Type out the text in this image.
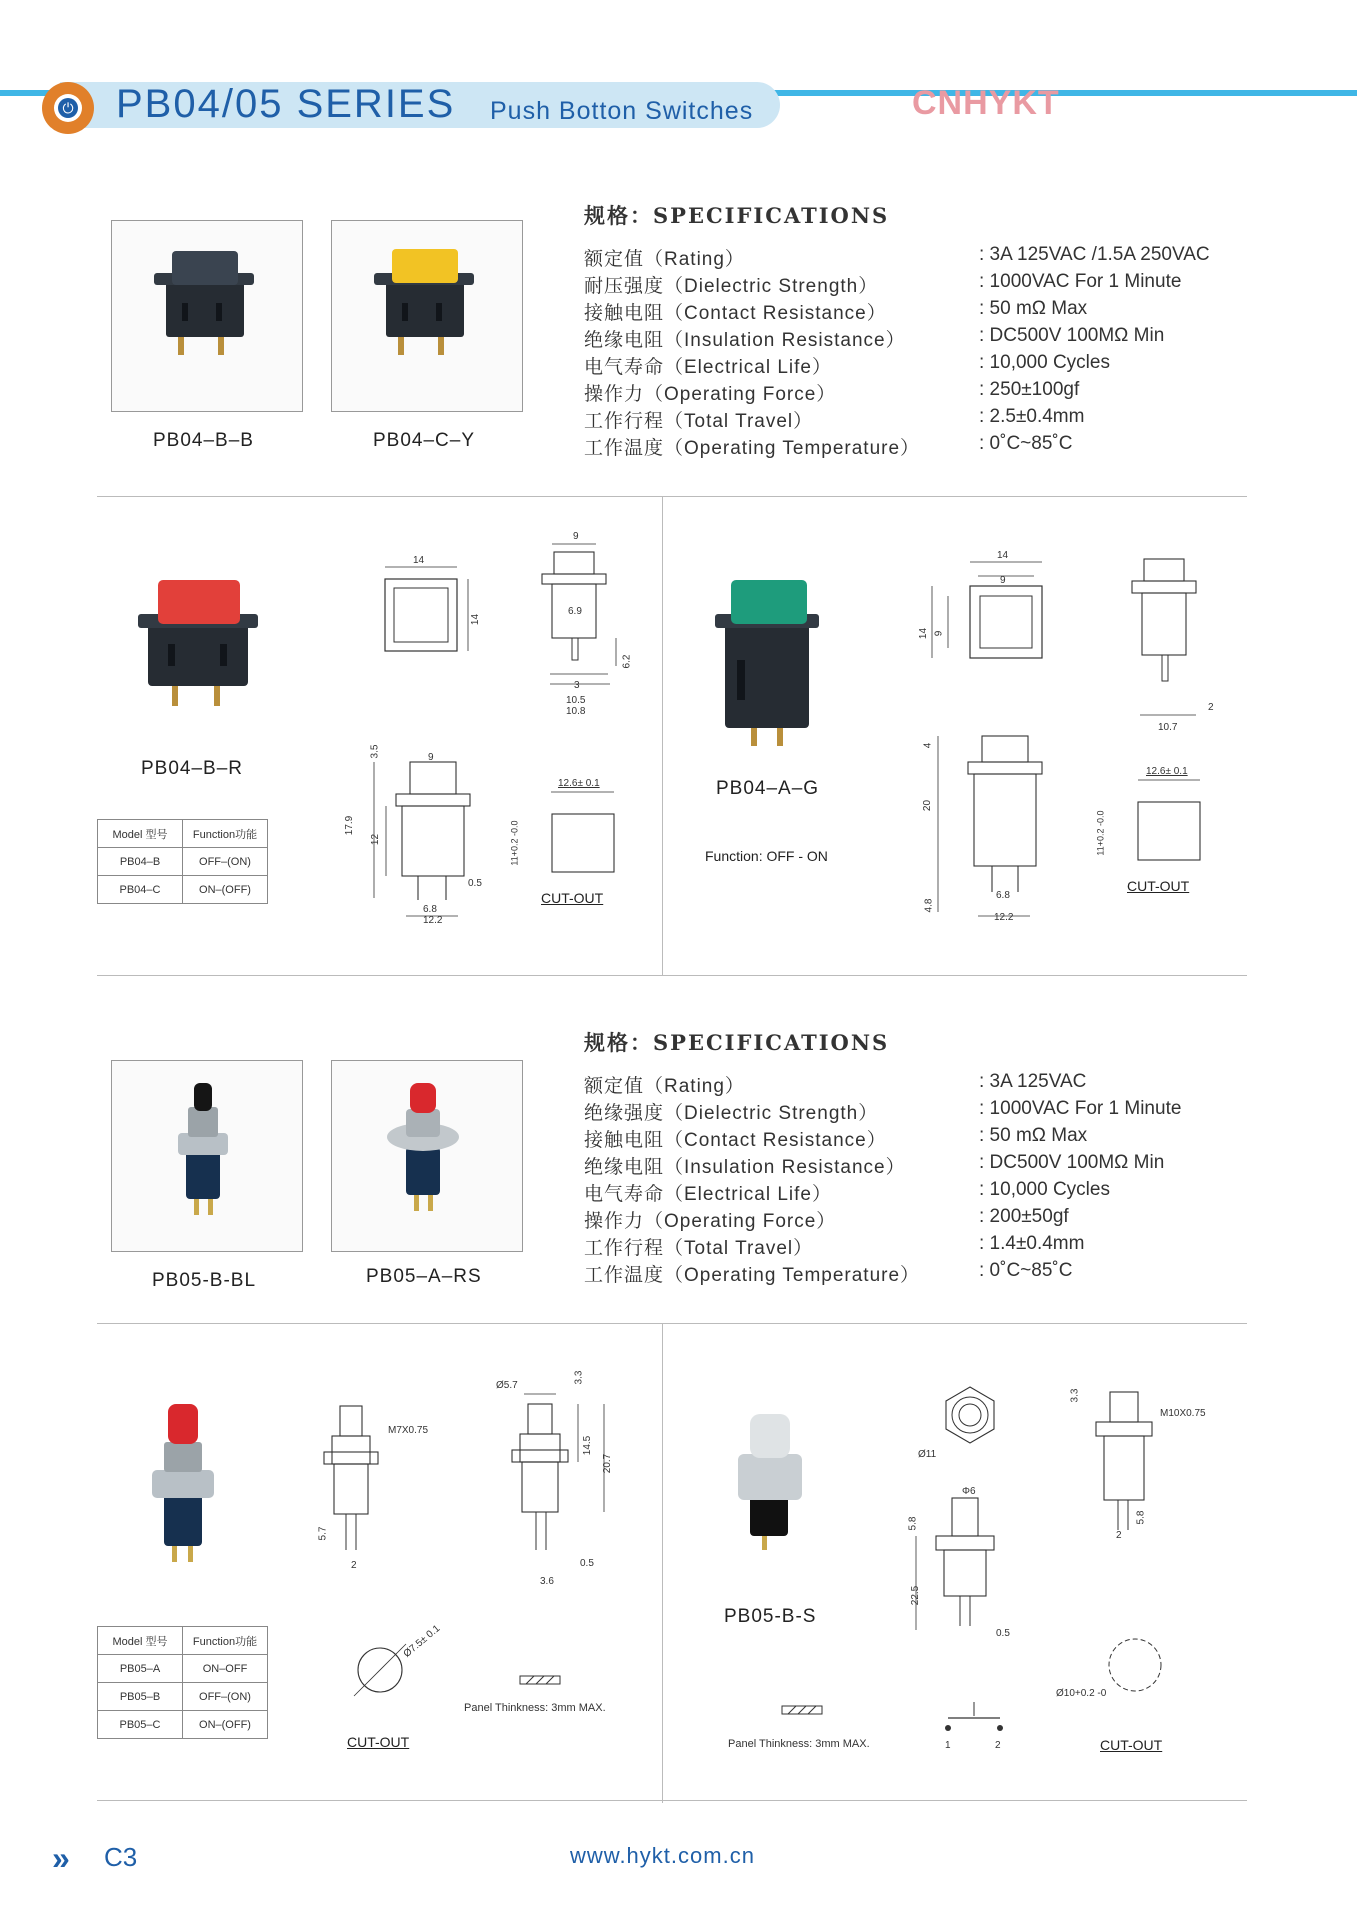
⏻ PB04/05 SERIES Push Botton Switches	CNHYKT
PB04–B–B	PB04–C–Y
规格：SPECIFICATIONS
额定值（Rating）	: 3A 125VAC /1.5A 250VAC
耐压强度（Dielectric Strength）	: 1000VAC For 1 Minute
接触电阻（Contact Resistance）	: 50 mΩ Max
绝缘电阻（Insulation Resistance）	: DC500V 100MΩ Min
电气寿命（Electrical Life）	: 10,000 Cycles
操作力（Operating Force）	: 250±100gf
工作行程（Total Travel）	: 2.5±0.4mm
工作温度（Operating Temperature）	: 0˚C~85˚C
PB04–B–R
Model 型号	Function功能
PB04–B	OFF–(ON)
PB04–C	ON–(OFF)
14
14
9
6.9
6.2
3
10.5
10.8
3.5	9
17.9
12
0.5
6.8
12.2
12.6± 0.1
11+0.2 -0.0
CUT-OUT
PB04–A–G
Function: OFF - ON
14
9
14 9
2
10.7
4
20
4.8
6.8
12.2
12.6± 0.1
11+0.2 -0.0
CUT-OUT
PB05-B-BL	PB05–A–RS
规格：SPECIFICATIONS
额定值（Rating）	: 3A 125VAC
绝缘强度（Dielectric Strength）	: 1000VAC For 1 Minute
接触电阻（Contact Resistance）	: 50 mΩ Max
绝缘电阻（Insulation Resistance）	: DC500V 100MΩ Min
电气寿命（Electrical Life）	: 10,000 Cycles
操作力（Operating Force）	: 200±50gf
工作行程（Total Travel）	: 1.4±0.4mm
工作温度（Operating Temperature）	: 0˚C~85˚C
Model 型号	Function功能
PB05–A	ON–OFF
PB05–B	OFF–(ON)
PB05–C	ON–(OFF)
M7X0.75
5.7
2
Ø5.7
3.3
14.5
20.7
0.5
3.6
Ø7.5± 0.1
CUT-OUT
Panel Thinkness: 3mm MAX.
PB05-B-S
Ø11
Φ6
5.8
22.5
0.5
M10X0.75
3.3
5.8
2
Ø10+0.2 -0
CUT-OUT
Panel Thinkness: 3mm MAX.	1	2
» C3	www.hykt.com.cn
